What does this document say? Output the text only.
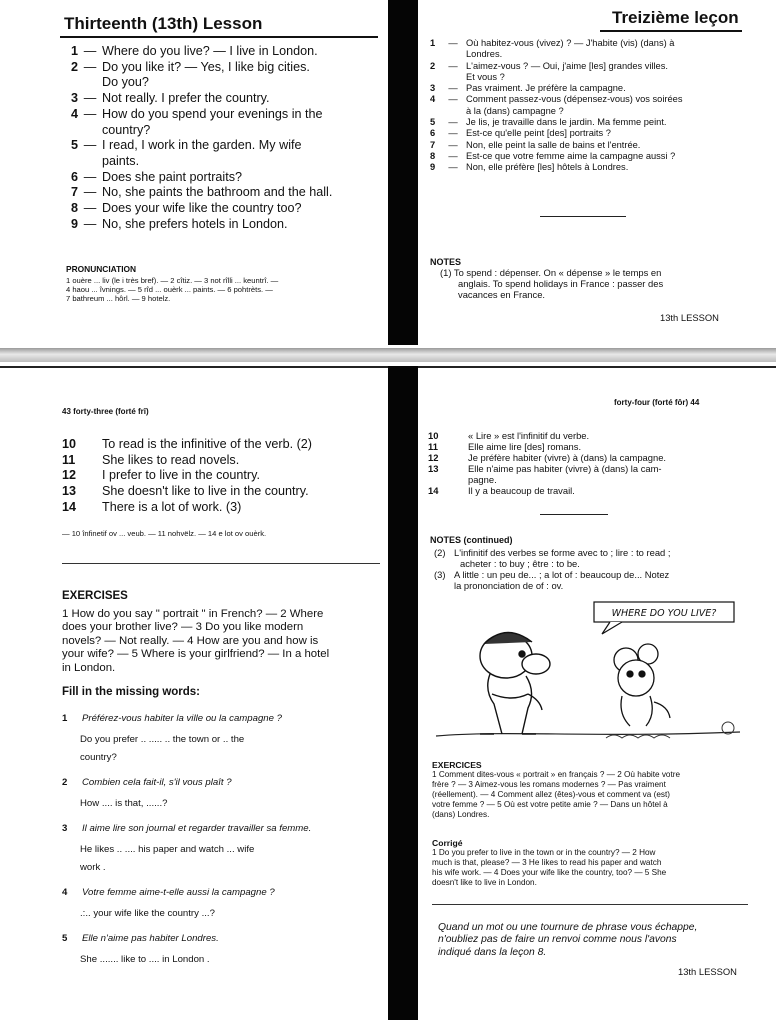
Thirteenth (13th) Lesson
1 — Where do you live? — I live in London.
2 — Do you like it? — Yes, I like big cities.
Do you?
3 — Not really. I prefer the country.
4 — How do you spend your evenings in the
country?
5 — I read, I work in the garden. My wife
paints.
6 — Does she paint portraits?
7 — No, she paints the bathroom and the hall.
8 — Does your wife like the country too?
9 — No, she prefers hotels in London.
PRONUNCIATION
1 ouère ... liv (le i très bref). — 2 cîtiz. — 3 not rîlli ... keuntrî. —
4 haou ... îvnings. — 5 rîd ... ouèrk ... paints. — 6 pohtrèts. —
7 bathreum ... hôrl. — 9 hotelz.
Treizième leçon
1	— Où habitez-vous (vivez) ? — J'habite (vis) (dans) à
Londres.
2	— L'aimez-vous ? — Oui, j'aime [les] grandes villes.
Et vous ?
3	— Pas vraiment. Je préfère la campagne.
4	— Comment passez-vous (dépensez-vous) vos soirées
à la (dans) campagne ?
5	— Je lis, je travaille dans le jardin. Ma femme peint.
6	— Est-ce qu'elle peint [des] portraits ?
7	— Non, elle peint la salle de bains et l'entrée.
8	— Est-ce que votre femme aime la campagne aussi ?
9	— Non, elle préfère [les] hôtels à Londres.
NOTES
(1) To spend : dépenser. On « dépense » le temps en
anglais. To spend holidays in France : passer des
vacances en France.
13th LESSON
43 forty-three (forté frî)
10	To read is the infinitive of the verb. (2)
11	She likes to read novels.
12	I prefer to live in the country.
13	She doesn't like to live in the country.
14	There is a lot of work. (3)
— 10 înfinetif ov ... veub. — 11 nohvëlz. — 14 e lot ov ouèrk.
EXERCISES
1 How do you say " portrait " in French? — 2 Where
does your brother live? — 3 Do you like modern
novels? — Not really. — 4 How are you and how is
your wife? — 5 Where is your girlfriend? — In a hotel
in London.
Fill in the missing words:
1	Préférez-vous habiter la ville ou la campagne ?
Do you prefer .. ..... .. the town or .. the
country?
2	Combien cela fait-il, s'il vous plaît ?
How .... is that, ......?
3	Il aime lire son journal et regarder travailler sa femme.
He likes .. .... his paper and watch ... wife
work .
4	Votre femme aime-t-elle aussi la campagne ?
.:.. your wife like the country ...?
5	Elle n'aime pas habiter Londres.
She ....... like to .... in London .
forty-four (forté fôr) 44
10	« Lire » est l'infinitif du verbe.
11	Elle aime lire [des] romans.
12	Je préfère habiter (vivre) à (dans) la campagne.
13	Elle n'aime pas habiter (vivre) à (dans) la cam-
pagne.
14	Il y a beaucoup de travail.
NOTES (continued)
(2) L'infinitif des verbes se forme avec to ; lire : to read ;
acheter : to buy ; être : to be.
(3) A little : un peu de... ; a lot of : beaucoup de... Notez
la prononciation de of : ov.
WHERE DO YOU LIVE?
EXERCICES
1 Comment dites-vous « portrait » en français ? — 2 Où habite votre
frère ? — 3 Aimez-vous les romans modernes ? — Pas vraiment
(réellement). — 4 Comment allez (êtes)-vous et comment va (est)
votre femme ? — 5 Où est votre petite amie ? — Dans un hôtel à
(dans) Londres.
Corrigé
1 Do you prefer to live in the town or in the country? — 2 How
much is that, please? — 3 He likes to read his paper and watch
his wife work. — 4 Does your wife like the country, too? — 5 She
doesn't like to live in London.
Quand un mot ou une tournure de phrase vous échappe,
n'oubliez pas de faire un renvoi comme nous l'avons
indiqué dans la leçon 8.
13th LESSON
